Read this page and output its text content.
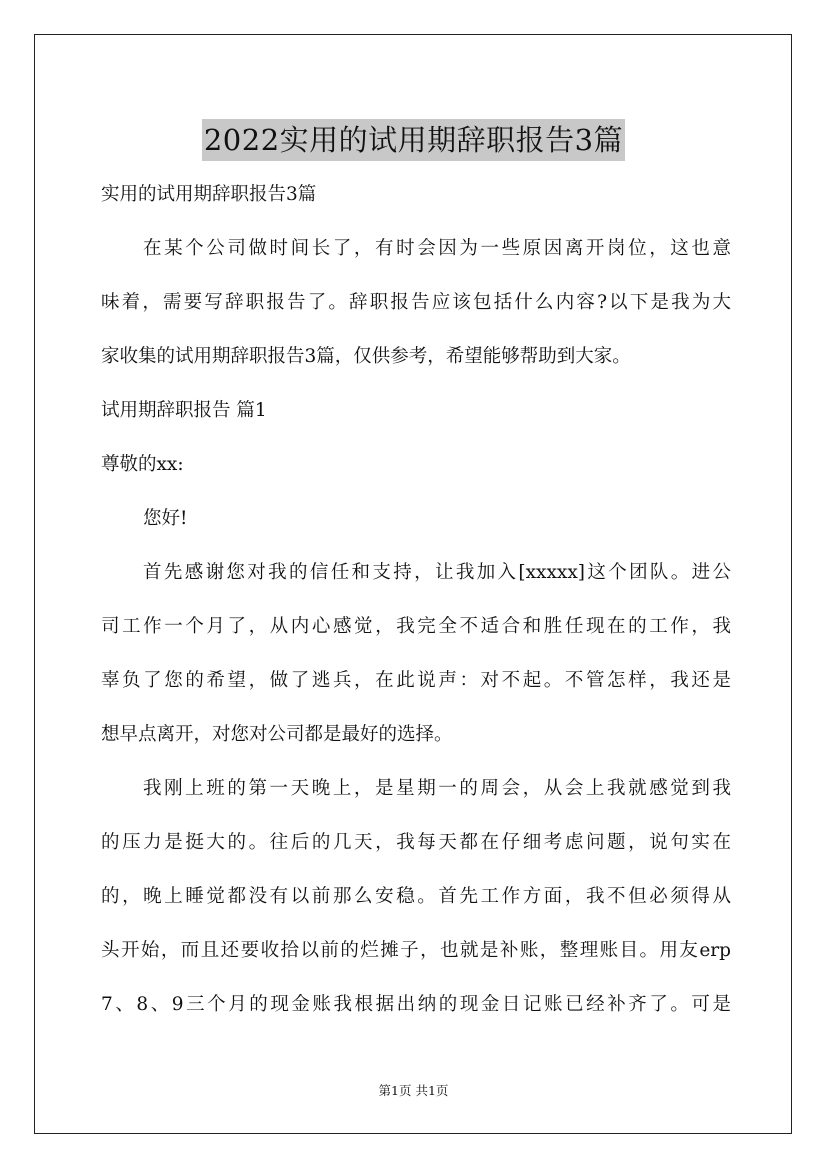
2022实用的试用期辞职报告3篇
实用的试用期辞职报告3篇
在某个公司做时间长了，有时会因为一些原因离开岗位，这也意
味着，需要写辞职报告了。辞职报告应该包括什么内容?以下是我为大
家收集的试用期辞职报告3篇，仅供参考，希望能够帮助到大家。
试用期辞职报告 篇1
尊敬的xx:
您好!
首先感谢您对我的信任和支持，让我加入[xxxxx]这个团队。进公
司工作一个月了，从内心感觉，我完全不适合和胜任现在的工作，我
辜负了您的希望，做了逃兵，在此说声：对不起。不管怎样，我还是
想早点离开，对您对公司都是最好的选择。
我刚上班的第一天晚上，是星期一的周会，从会上我就感觉到我
的压力是挺大的。往后的几天，我每天都在仔细考虑问题，说句实在
的，晚上睡觉都没有以前那么安稳。首先工作方面，我不但必须得从
头开始，而且还要收拾以前的烂摊子，也就是补账，整理账目。用友erp
7、8、9三个月的现金账我根据出纳的现金日记账已经补齐了。可是
第1页 共1页
